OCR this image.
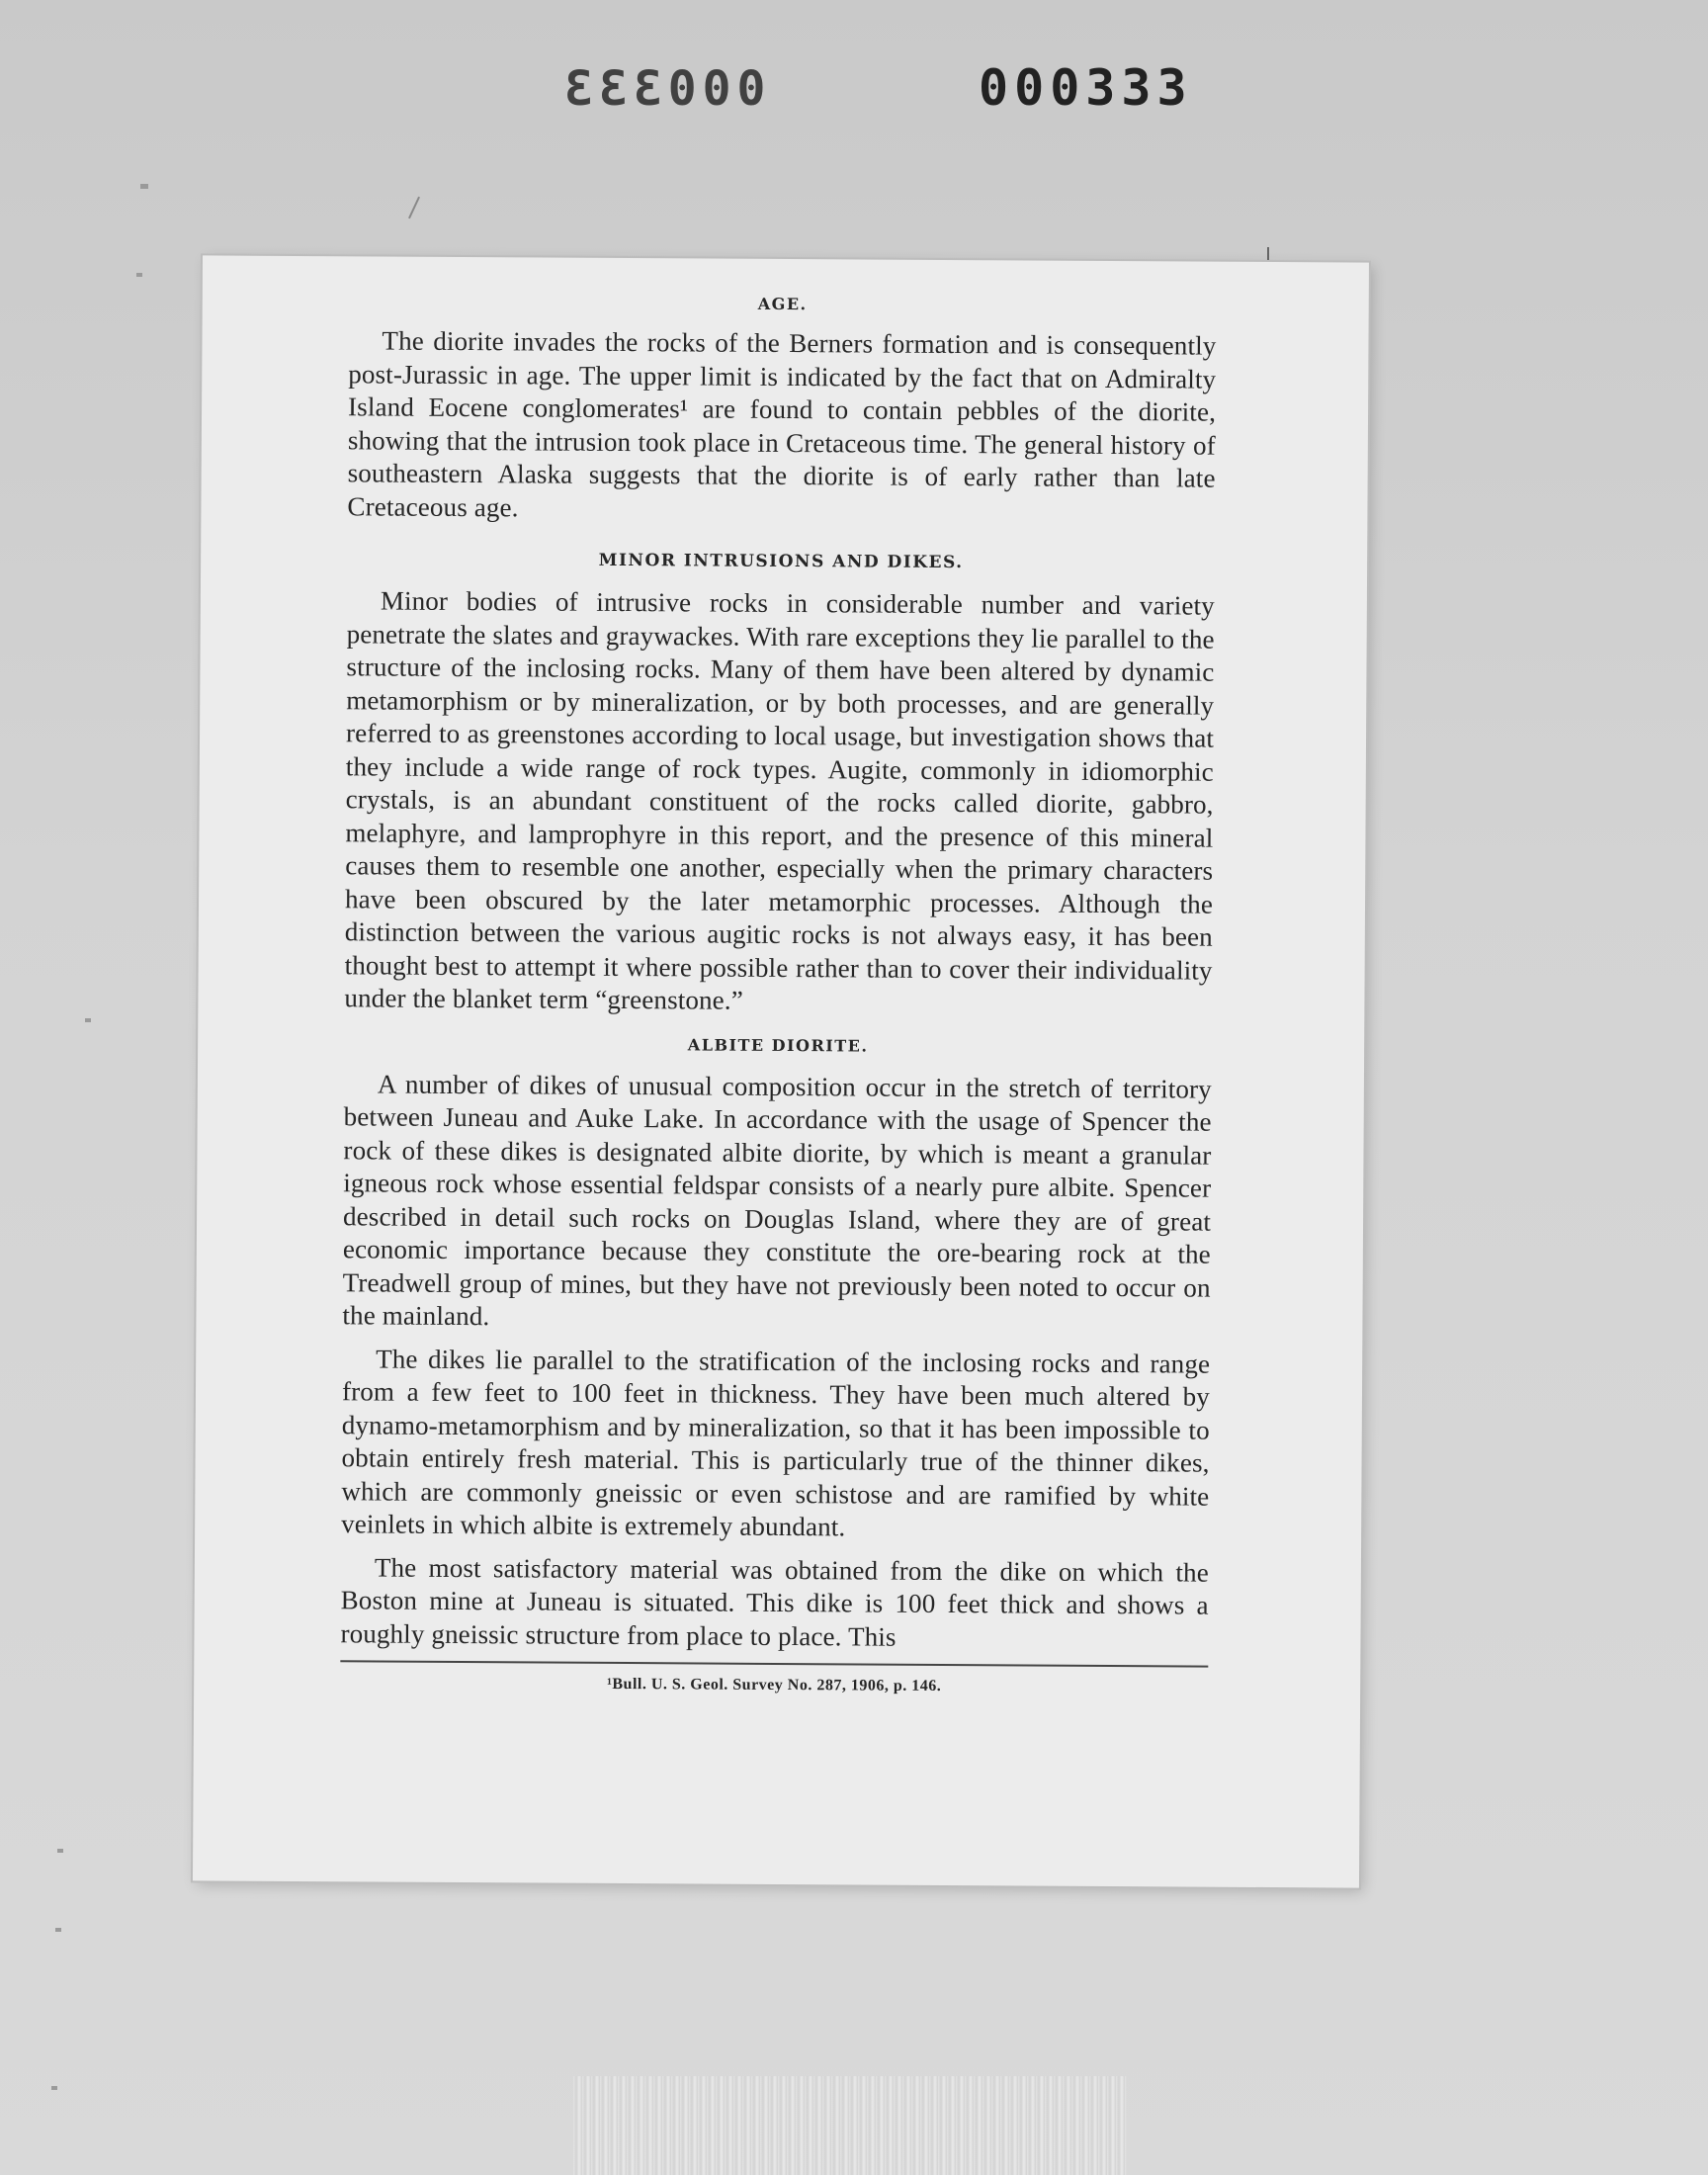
000333	000333
AGE.

The diorite invades the rocks of the Berners formation and is consequently post-Jurassic in age. The upper limit is indicated by the fact that on Admiralty Island Eocene conglomerates¹ are found to contain pebbles of the diorite, showing that the intrusion took place in Cretaceous time. The general history of southeastern Alaska suggests that the diorite is of early rather than late Cretaceous age.

MINOR INTRUSIONS AND DIKES.

Minor bodies of intrusive rocks in considerable number and variety penetrate the slates and graywackes. With rare exceptions they lie parallel to the structure of the inclosing rocks. Many of them have been altered by dynamic metamorphism or by mineralization, or by both processes, and are generally referred to as greenstones according to local usage, but investigation shows that they include a wide range of rock types. Augite, commonly in idiomorphic crystals, is an abundant constituent of the rocks called diorite, gabbro, melaphyre, and lamprophyre in this report, and the presence of this mineral causes them to resemble one another, especially when the primary characters have been obscured by the later metamorphic processes. Although the distinction between the various augitic rocks is not always easy, it has been thought best to attempt it where possible rather than to cover their individuality under the blanket term “greenstone.”

ALBITE DIORITE.

A number of dikes of unusual composition occur in the stretch of territory between Juneau and Auke Lake. In accordance with the usage of Spencer the rock of these dikes is designated albite diorite, by which is meant a granular igneous rock whose essential feldspar consists of a nearly pure albite. Spencer described in detail such rocks on Douglas Island, where they are of great economic importance because they constitute the ore-bearing rock at the Treadwell group of mines, but they have not previously been noted to occur on the mainland.

The dikes lie parallel to the stratification of the inclosing rocks and range from a few feet to 100 feet in thickness. They have been much altered by dynamo-metamorphism and by mineralization, so that it has been impossible to obtain entirely fresh material. This is particularly true of the thinner dikes, which are commonly gneissic or even schistose and are ramified by white veinlets in which albite is extremely abundant.

The most satisfactory material was obtained from the dike on which the Boston mine at Juneau is situated. This dike is 100 feet thick and shows a roughly gneissic structure from place to place. This

¹Bull. U. S. Geol. Survey No. 287, 1906, p. 146.
